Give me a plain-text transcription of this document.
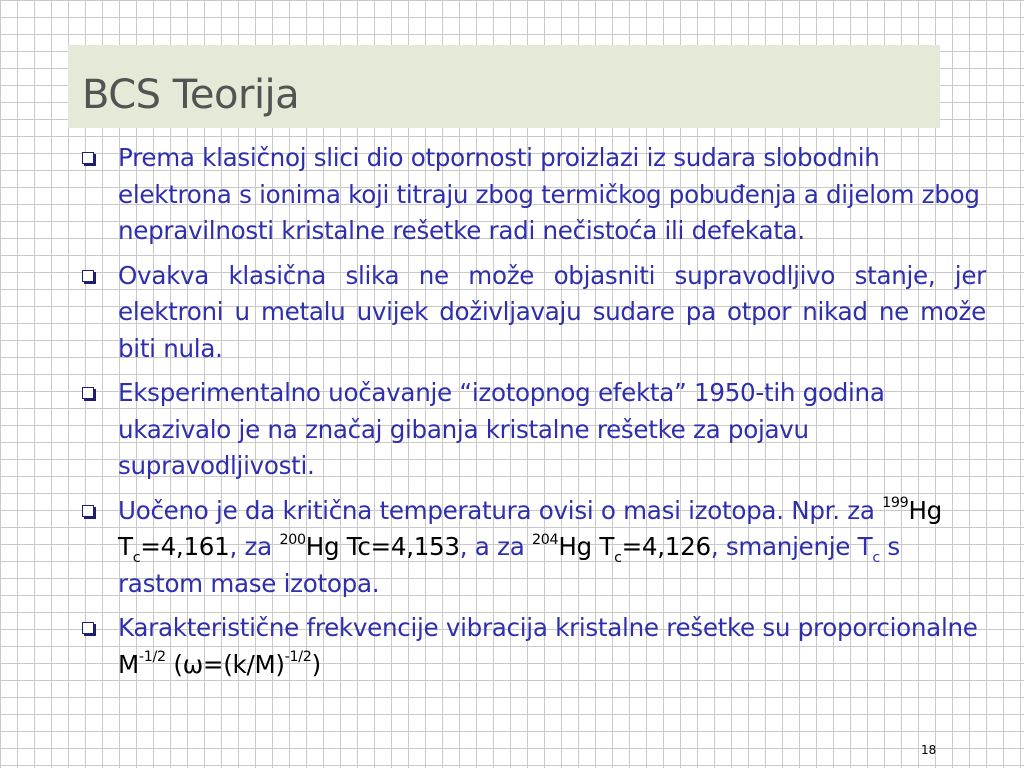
BCS Teorija
Prema klasičnoj slici dio otpornosti proizlazi iz sudara slobodnih elektrona s ionima koji titraju zbog termičkog pobuđenja a dijelom zbog nepravilnosti kristalne rešetke radi nečistoća ili defekata.
Ovakva klasična slika ne može objasniti supravodljivo stanje, jer elektroni u metalu uvijek doživljavaju sudare pa otpor nikad ne može biti nula.
Eksperimentalno uočavanje “izotopnog efekta” 1950-tih godina ukazivalo je na značaj gibanja kristalne rešetke za pojavu supravodljivosti.
Uočeno je da kritična temperatura ovisi o masi izotopa. Npr. za $^{199}$Hg $T_c=4,161$, za $^{200}$Hg Tc=4,153, a za $^{204}$Hg $T_c=4,126$, smanjenje $T_c$ s rastom mase izotopa.
Karakteristične frekvencije vibracija kristalne rešetke su proporcionalne $M^{-1/2}$ $(\omega=(k/M)^{-1/2})$
18
